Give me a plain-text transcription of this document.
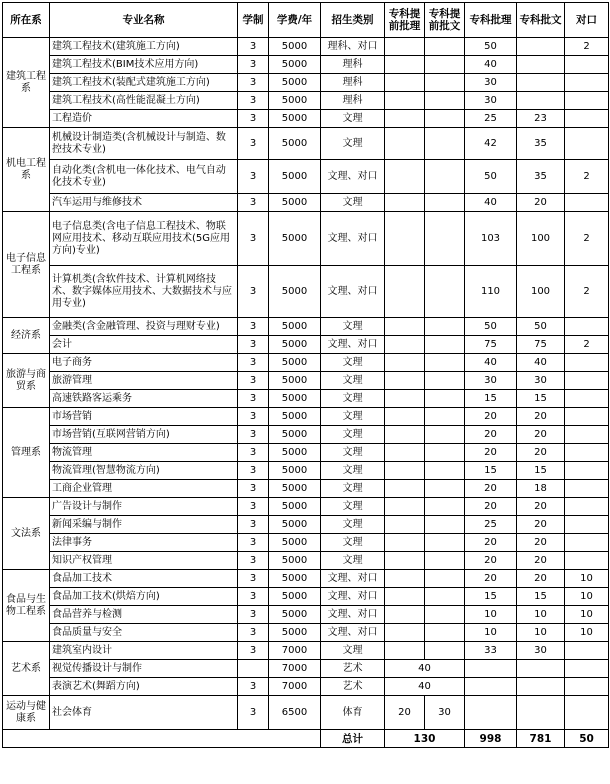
所在系	专业名称	学制	学费/年	招生类别	专科提前批理	专科提前批文	专科批理	专科批文	对口
建筑工程系	建筑工程技术(建筑施工方向)	3	5000	理科、对口			50		2
	建筑工程技术(BIM技术应用方向)	3	5000	理科			40		
	建筑工程技术(装配式建筑施工方向)	3	5000	理科			30		
	建筑工程技术(高性能混凝土方向)	3	5000	理科			30		
	工程造价	3	5000	文理			25	23	
机电工程系	机械设计制造类(含机械设计与制造、数控技术专业)	3	5000	文理			42	35	
	自动化类(含机电一体化技术、电气自动化技术专业)	3	5000	文理、对口			50	35	2
	汽车运用与维修技术	3	5000	文理			40	20	
电子信息工程系	电子信息类(含电子信息工程技术、物联网应用技术、移动互联应用技术(5G应用方向)专业)	3	5000	文理、对口			103	100	2
	计算机类(含软件技术、计算机网络技术、数字媒体应用技术、大数据技术与应用专业)	3	5000	文理、对口			110	100	2
经济系	金融类(含金融管理、投资与理财专业)	3	5000	文理			50	50	
	会计	3	5000	文理、对口			75	75	2
旅游与商贸系	电子商务	3	5000	文理			40	40	
	旅游管理	3	5000	文理			30	30	
	高速铁路客运乘务	3	5000	文理			15	15	
管理系	市场营销	3	5000	文理			20	20	
	市场营销(互联网营销方向)	3	5000	文理			20	20	
	物流管理	3	5000	文理			20	20	
	物流管理(智慧物流方向)	3	5000	文理			15	15	
	工商企业管理	3	5000	文理			20	18	
文法系	广告设计与制作	3	5000	文理			20	20	
	新闻采编与制作	3	5000	文理			25	20	
	法律事务	3	5000	文理			20	20	
	知识产权管理	3	5000	文理			20	20	
食品与生物工程系	食品加工技术	3	5000	文理、对口			20	20	10
	食品加工技术(烘焙方向)	3	5000	文理、对口			15	15	10
	食品营养与检测	3	5000	文理、对口			10	10	10
	食品质量与安全	3	5000	文理、对口			10	10	10
艺术系	建筑室内设计	3	7000	文理			33	30	
	视觉传播设计与制作		7000	艺术	40				
	表演艺术(舞蹈方向)	3	7000	艺术	40				
运动与健康系	社会体育	3	6500	体育	20	30			
				总计	130		998	781	50
